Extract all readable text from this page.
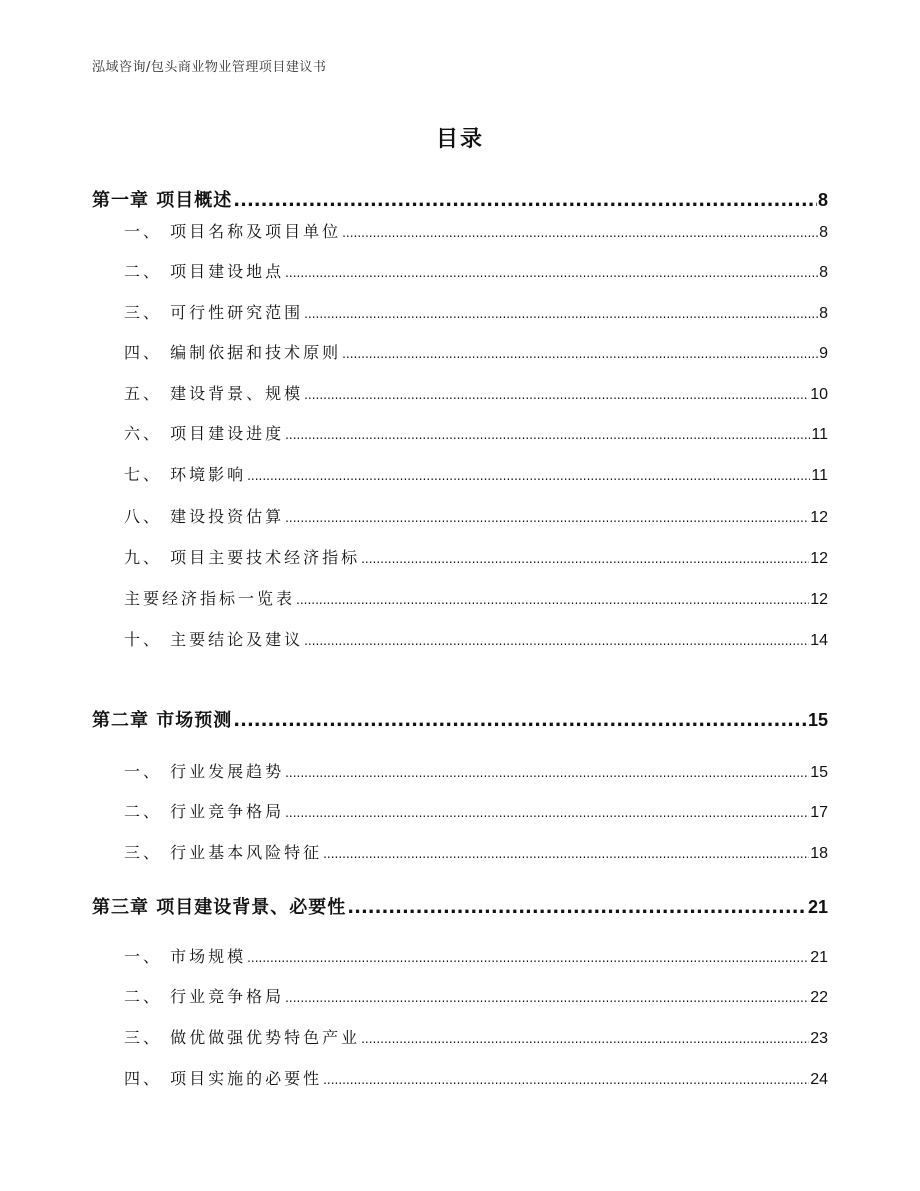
泓域咨询/包头商业物业管理项目建议书
目录
第一章 项目概述 .....	8
一、 项目名称及项目单位 .....	8
二、 项目建设地点 .....	8
三、 可行性研究范围 .....	8
四、 编制依据和技术原则 .....	9
五、 建设背景、规模 .....	10
六、 项目建设进度 .....	11
七、 环境影响 .....	11
八、 建设投资估算 .....	12
九、 项目主要技术经济指标 .....	12
主要经济指标一览表 .....	12
十、 主要结论及建议 .....	14
第二章 市场预测 .....	15
一、 行业发展趋势 .....	15
二、 行业竞争格局 .....	17
三、 行业基本风险特征 .....	18
第三章 项目建设背景、必要性 .....	21
一、 市场规模 .....	21
二、 行业竞争格局 .....	22
三、 做优做强优势特色产业 .....	23
四、 项目实施的必要性 .....	24
